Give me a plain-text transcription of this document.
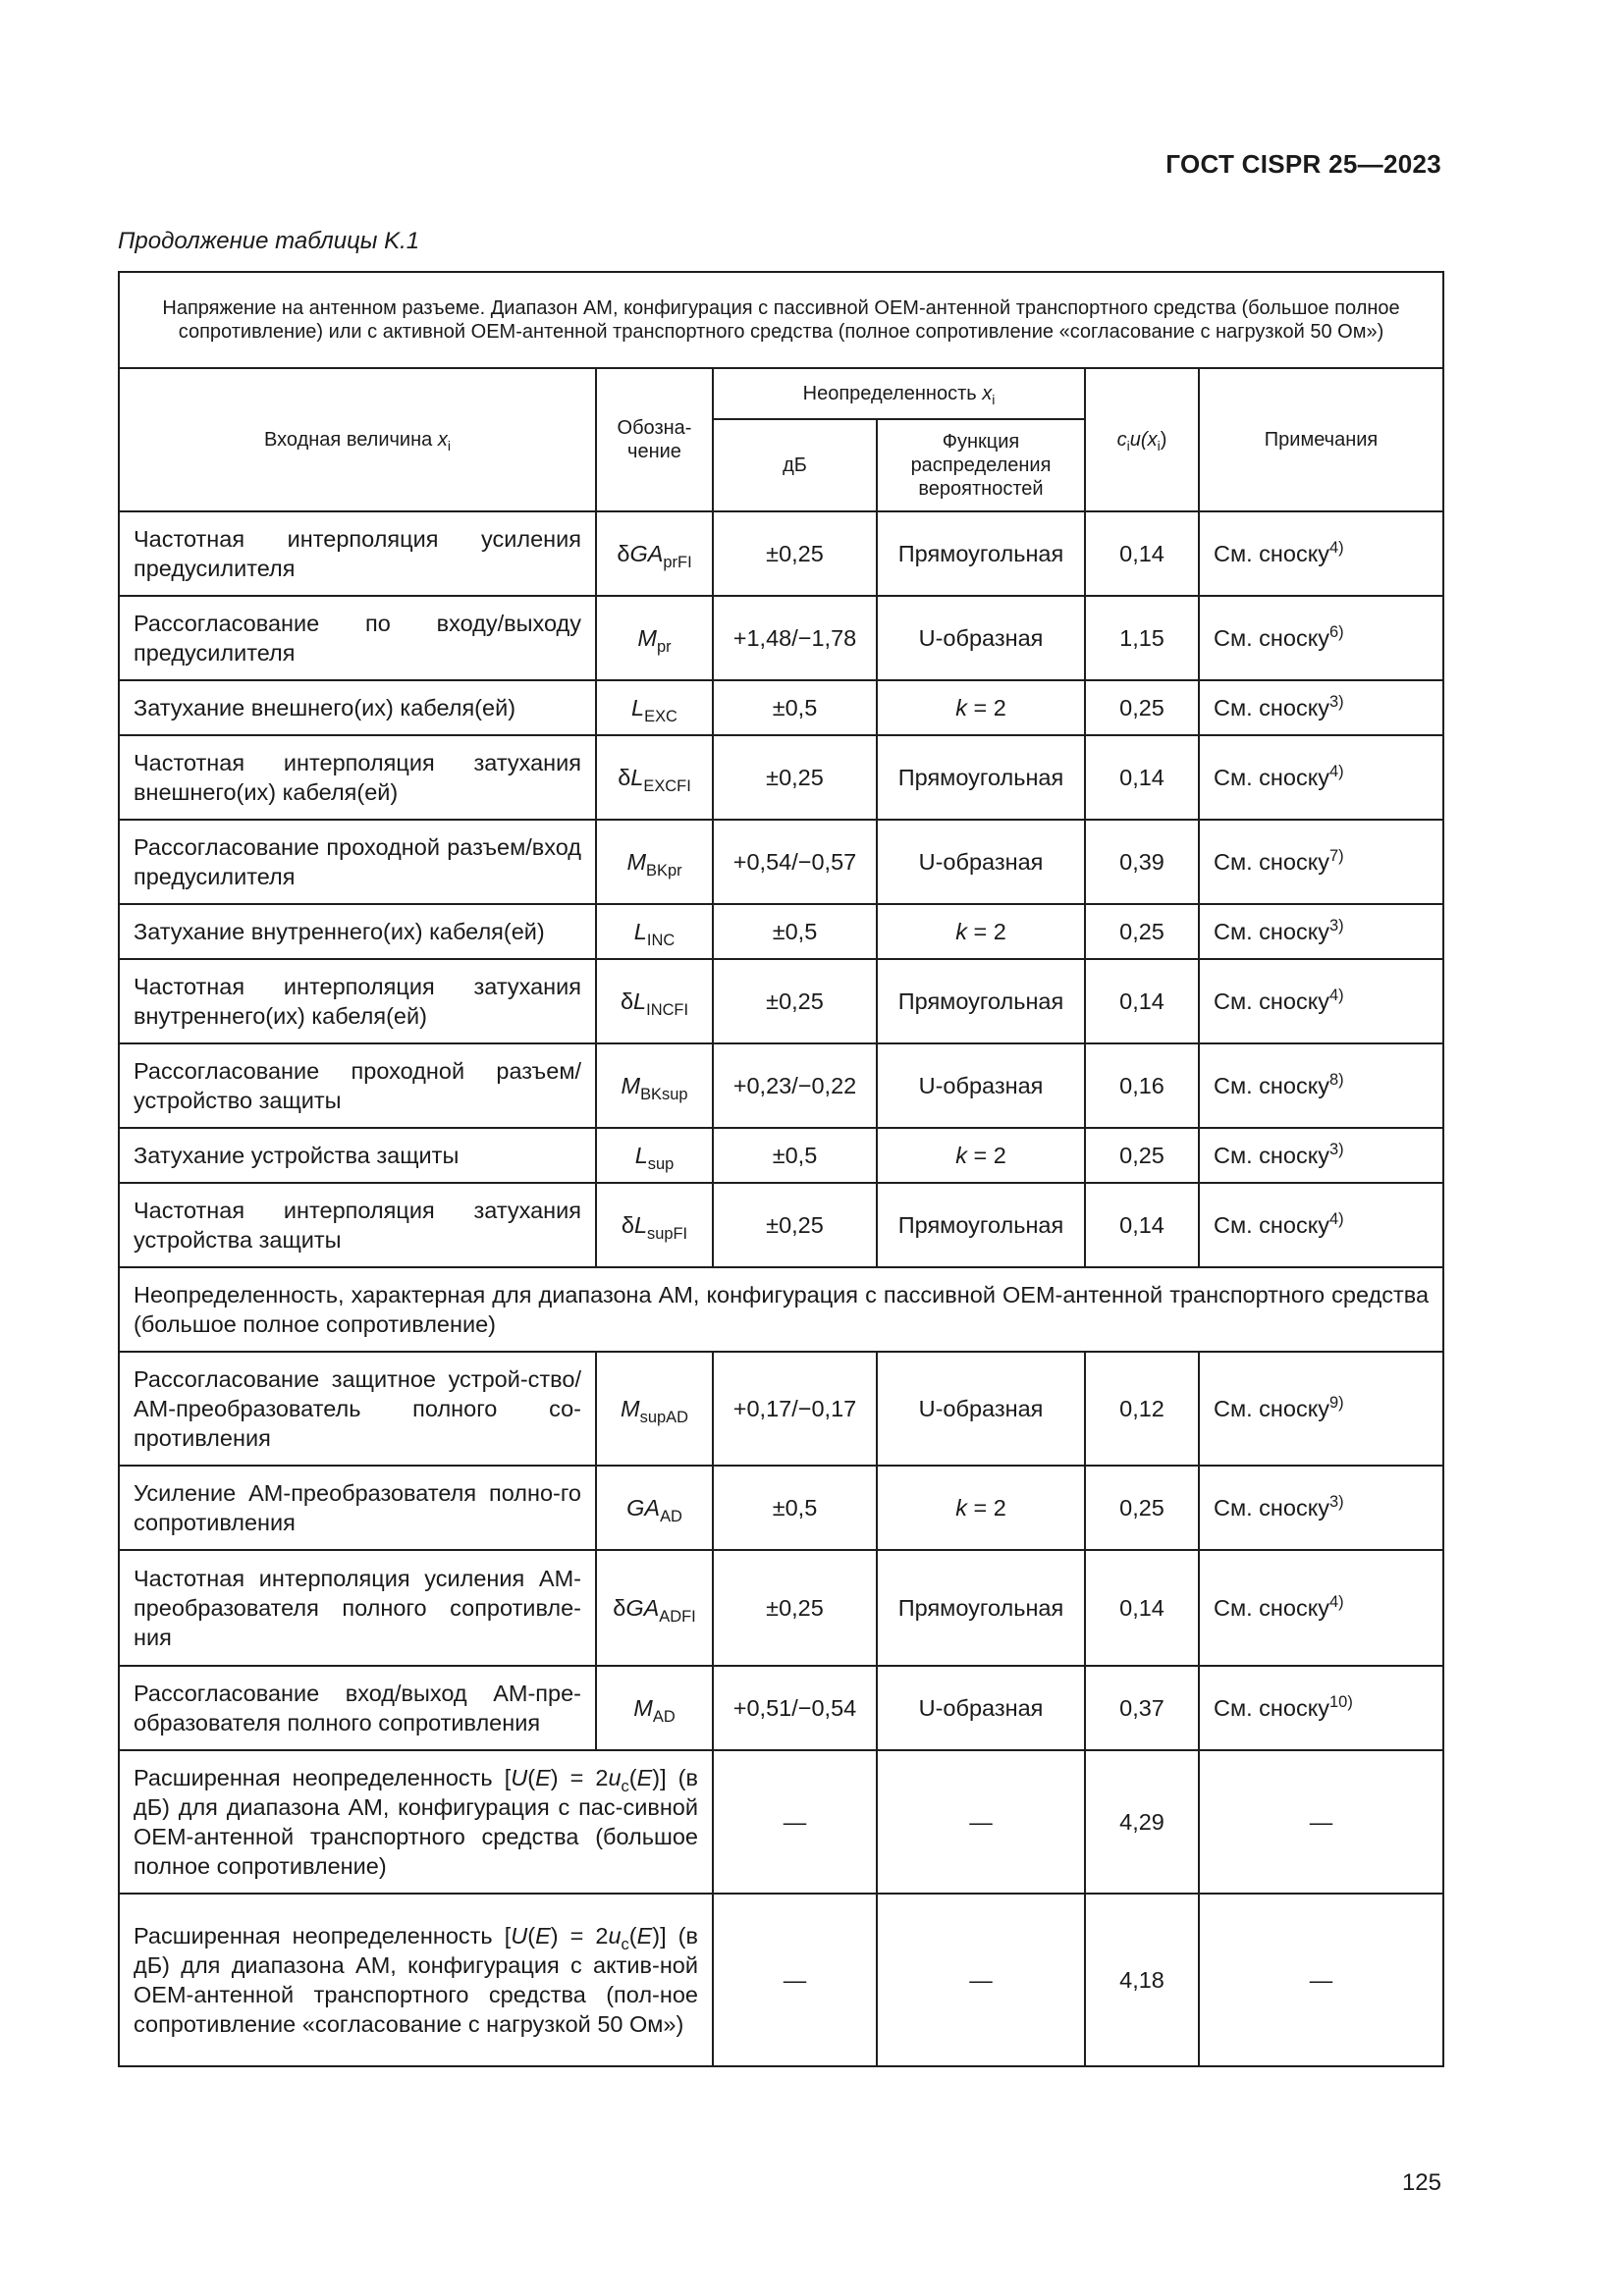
ГОСТ CISPR 25—2023
Продолжение таблицы K.1
Напряжение на антенном разъеме. Диапазон АМ, конфигурация с пассивной ОЕМ-антенной транспортного средства (большое полное сопротивление) или с активной ОЕМ-антенной транспортного средства (полное сопротивление «согласование с нагрузкой 50 Ом»)					
Входная величина $x_i$	Обозна-чение	Неопределенность $x_i$		$c_iu(x_i)$	Примечания
		дБ	Функция распределения вероятностей		
Частотная интерполяция усиления предусилителя	δGA$_{prFI}$	±0,25	Прямоугольная	0,14	См. сноску$^{4)}$
Рассогласование по входу/выходу предусилителя	$M_{pr}$	+1,48/−1,78	U-образная	1,15	См. сноску$^{6)}$
Затухание внешнего(их) кабеля(ей)	$L_{EXC}$	±0,5	k = 2	0,25	См. сноску$^{3)}$
Частотная интерполяция затухания внешнего(их) кабеля(ей)	$\delta L_{EXCFI}$	±0,25	Прямоугольная	0,14	См. сноску$^{4)}$
Рассогласование проходной разъем/вход предусилителя	$M_{BKpr}$	+0,54/−0,57	U-образная	0,39	См. сноску$^{7)}$
Затухание внутреннего(их) кабеля(ей)	$L_{INC}$	±0,5	k = 2	0,25	См. сноску$^{3)}$
Частотная интерполяция затухания внутреннего(их) кабеля(ей)	$\delta L_{INCFI}$	±0,25	Прямоугольная	0,14	См. сноску$^{4)}$
Рассогласование проходной разъем/устройство защиты	$M_{BKsup}$	+0,23/−0,22	U-образная	0,16	См. сноску$^{8)}$
Затухание устройства защиты	$L_{sup}$	±0,5	k = 2	0,25	См. сноску$^{3)}$
Частотная интерполяция затухания устройства защиты	$\delta L_{supFI}$	±0,25	Прямоугольная	0,14	См. сноску$^{4)}$
Неопределенность, характерная для диапазона АМ, конфигурация с пассивной ОЕМ-антенной транспортного средства (большое полное сопротивление)					
Рассогласование защитное устрой-ство/АМ-преобразователь полного со-противления	$M_{supAD}$	+0,17/−0,17	U-образная	0,12	См. сноску$^{9)}$
Усиление АМ-преобразователя полно-го сопротивления	$GA_{AD}$	±0,5	k = 2	0,25	См. сноску$^{3)}$
Частотная интерполяция усиления АМ-преобразователя полного сопротивле-ния	δGA$_{ADFI}$	±0,25	Прямоугольная	0,14	См. сноску$^{4)}$
Рассогласование вход/выход АМ-пре-образователя полного сопротивления	$M_{AD}$	+0,51/−0,54	U-образная	0,37	См. сноску$^{10)}$
Расширенная неопределенность $[U(E) = 2u_c(E)]$ (в дБ) для диапазона АМ, конфигурация с пас-сивной ОЕМ-антенной транспортного средства (большое полное сопротивление)		—	—	4,29	—
Расширенная неопределенность $[U(E) = 2u_c(E)]$ (в дБ) для диапазона АМ, конфигурация с актив-ной ОЕМ-антенной транспортного средства (пол-ное сопротивление «согласование с нагрузкой 50 Ом»)		—	—	4,18	—
125
